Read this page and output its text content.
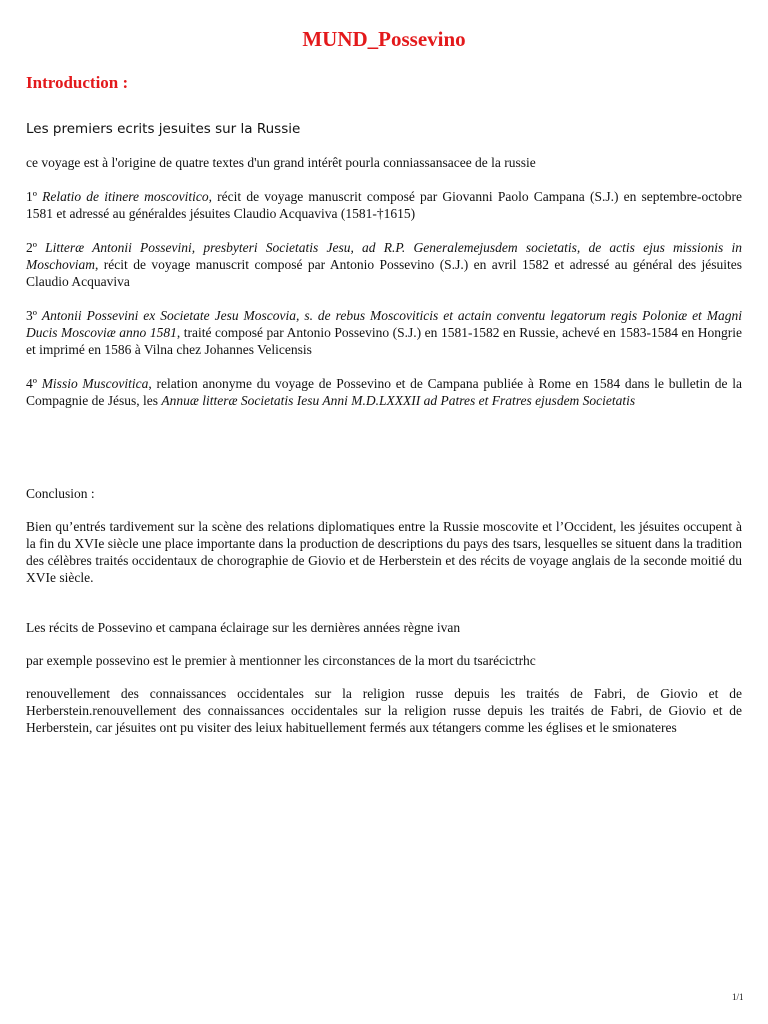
MUND_Possevino
Introduction :
Les premiers ecrits jesuites sur la Russie

ce voyage est à l'origine de quatre textes d'un grand intérêt pourla conniassansacee de la russie

1º Relatio de itinere moscovitico, récit de voyage manuscrit composé par Giovanni Paolo Campana (S.J.) en septembre-octobre 1581 et adressé au généraldes jésuites Claudio Acquaviva (1581-†1615)

2º Litteræ Antonii Possevini, presbyteri Societatis Jesu, ad R.P. Generalemejusdem societatis, de actis ejus missionis in Moschoviam, récit de voyage manuscrit composé par Antonio Possevino (S.J.) en avril 1582 et adressé au général des jésuites Claudio Acquaviva

3º Antonii Possevini ex Societate Jesu Moscovia, s. de rebus Moscoviticis et actain conventu legatorum regis Poloniæ et Magni Ducis Moscoviæ anno 1581, traité composé par Antonio Possevino (S.J.) en 1581-1582 en Russie, achevé en 1583-1584 en Hongrie et imprimé en 1586 à Vilna chez Johannes Velicensis

4º Missio Muscovitica, relation anonyme du voyage de Possevino et de Campana publiée à Rome en 1584 dans le bulletin de la Compagnie de Jésus, les Annuæ litteræ Societatis Iesu Anni M.D.LXXXII ad Patres et Fratres ejusdem Societatis

Conclusion :

Bien qu’entrés tardivement sur la scène des relations diplomatiques entre la Russie moscovite et l’Occident, les jésuites occupent à la fin du XVIe siècle une place importante dans la production de descriptions du pays des tsars, lesquelles se situent dans la tradition des célèbres traités occidentaux de chorographie de Giovio et de Herberstein et des récits de voyage anglais de la seconde moitié du XVIe siècle.

Les récits de Possevino et campana éclairage sur les dernières années règne ivan

par exemple possevino est le premier à mentionner les circonstances de la mort du tsarécictrhc

renouvellement des connaissances occidentales sur la religion russe depuis les traités de Fabri, de Giovio et de Herberstein.renouvellement des connaissances occidentales sur la religion russe depuis les traités de Fabri, de Giovio et de Herberstein, car jésuites ont pu visiter des leiux habituellement fermés aux tétangers comme les églises et le smionateres

1/1
